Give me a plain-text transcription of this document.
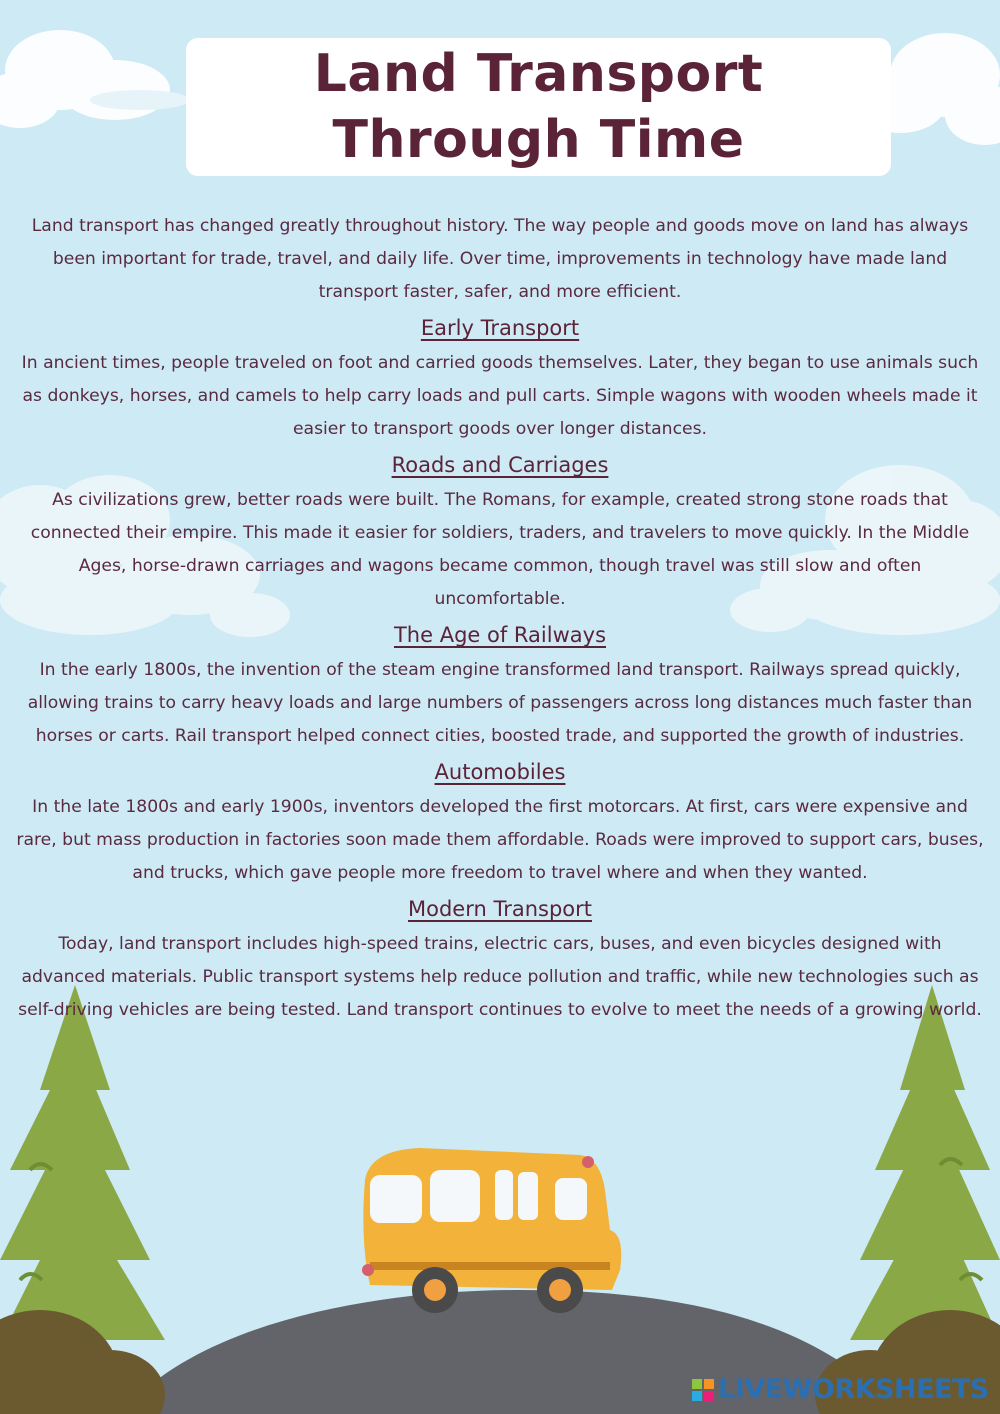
Land Transport
Through Time

Land transport has changed greatly throughout history. The way people and goods move on land has always been important for trade, travel, and daily life. Over time, improvements in technology have made land transport faster, safer, and more efficient.

Early Transport

In ancient times, people traveled on foot and carried goods themselves. Later, they began to use animals such as donkeys, horses, and camels to help carry loads and pull carts. Simple wagons with wooden wheels made it easier to transport goods over longer distances.

Roads and Carriages

As civilizations grew, better roads were built. The Romans, for example, created strong stone roads that connected their empire. This made it easier for soldiers, traders, and travelers to move quickly. In the Middle Ages, horse-drawn carriages and wagons became common, though travel was still slow and often uncomfortable.

The Age of Railways

In the early 1800s, the invention of the steam engine transformed land transport. Railways spread quickly, allowing trains to carry heavy loads and large numbers of passengers across long distances much faster than horses or carts. Rail transport helped connect cities, boosted trade, and supported the growth of industries.

Automobiles

In the late 1800s and early 1900s, inventors developed the first motorcars. At first, cars were expensive and rare, but mass production in factories soon made them affordable. Roads were improved to support cars, buses, and trucks, which gave people more freedom to travel where and when they wanted.

Modern Transport

Today, land transport includes high-speed trains, electric cars, buses, and even bicycles designed with advanced materials. Public transport systems help reduce pollution and traffic, while new technologies such as self-driving vehicles are being tested. Land transport continues to evolve to meet the needs of a growing world.

LIVEWORKSHEETS
